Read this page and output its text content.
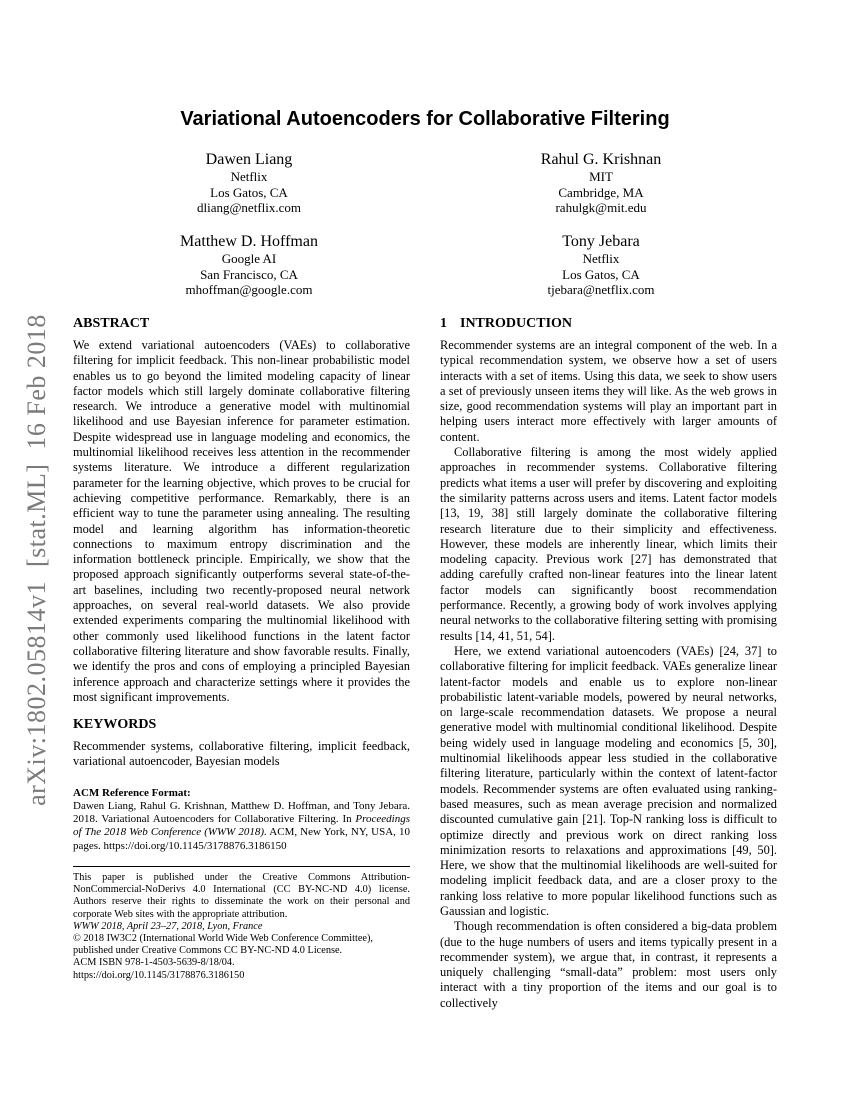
arXiv:1802.05814v1  [stat.ML]  16 Feb 2018
Variational Autoencoders for Collaborative Filtering
Dawen Liang
Netflix
Los Gatos, CA
dliang@netflix.com
Rahul G. Krishnan
MIT
Cambridge, MA
rahulgk@mit.edu
Matthew D. Hoffman
Google AI
San Francisco, CA
mhoffman@google.com
Tony Jebara
Netflix
Los Gatos, CA
tjebara@netflix.com
ABSTRACT

We extend variational autoencoders (VAEs) to collaborative filtering for implicit feedback. This non-linear probabilistic model enables us to go beyond the limited modeling capacity of linear factor models which still largely dominate collaborative filtering research. We introduce a generative model with multinomial likelihood and use Bayesian inference for parameter estimation. Despite widespread use in language modeling and economics, the multinomial likelihood receives less attention in the recommender systems literature. We introduce a different regularization parameter for the learning objective, which proves to be crucial for achieving competitive performance. Remarkably, there is an efficient way to tune the parameter using annealing. The resulting model and learning algorithm has information-theoretic connections to maximum entropy discrimination and the information bottleneck principle. Empirically, we show that the proposed approach significantly outperforms several state-of-the-art baselines, including two recently-proposed neural network approaches, on several real-world datasets. We also provide extended experiments comparing the multinomial likelihood with other commonly used likelihood functions in the latent factor collaborative filtering literature and show favorable results. Finally, we identify the pros and cons of employing a principled Bayesian inference approach and characterize settings where it provides the most significant improvements.

KEYWORDS

Recommender systems, collaborative filtering, implicit feedback, variational autoencoder, Bayesian models

ACM Reference Format:

Dawen Liang, Rahul G. Krishnan, Matthew D. Hoffman, and Tony Jebara. 2018. Variational Autoencoders for Collaborative Filtering. In Proceedings of The 2018 Web Conference (WWW 2018). ACM, New York, NY, USA, 10 pages. https://doi.org/10.1145/3178876.3186150

This paper is published under the Creative Commons Attribution-NonCommercial-NoDerivs 4.0 International (CC BY-NC-ND 4.0) license. Authors reserve their rights to disseminate the work on their personal and corporate Web sites with the appropriate attribution.
WWW 2018, April 23–27, 2018, Lyon, France
© 2018 IW3C2 (International World Wide Web Conference Committee), published under Creative Commons CC BY-NC-ND 4.0 License.
ACM ISBN 978-1-4503-5639-8/18/04.
https://doi.org/10.1145/3178876.3186150
1 INTRODUCTION

Recommender systems are an integral component of the web. In a typical recommendation system, we observe how a set of users interacts with a set of items. Using this data, we seek to show users a set of previously unseen items they will like. As the web grows in size, good recommendation systems will play an important part in helping users interact more effectively with larger amounts of content.

Collaborative filtering is among the most widely applied approaches in recommender systems. Collaborative filtering predicts what items a user will prefer by discovering and exploiting the similarity patterns across users and items. Latent factor models [13, 19, 38] still largely dominate the collaborative filtering research literature due to their simplicity and effectiveness. However, these models are inherently linear, which limits their modeling capacity. Previous work [27] has demonstrated that adding carefully crafted non-linear features into the linear latent factor models can significantly boost recommendation performance. Recently, a growing body of work involves applying neural networks to the collaborative filtering setting with promising results [14, 41, 51, 54].

Here, we extend variational autoencoders (VAEs) [24, 37] to collaborative filtering for implicit feedback. VAEs generalize linear latent-factor models and enable us to explore non-linear probabilistic latent-variable models, powered by neural networks, on large-scale recommendation datasets. We propose a neural generative model with multinomial conditional likelihood. Despite being widely used in language modeling and economics [5, 30], multinomial likelihoods appear less studied in the collaborative filtering literature, particularly within the context of latent-factor models. Recommender systems are often evaluated using ranking-based measures, such as mean average precision and normalized discounted cumulative gain [21]. Top-N ranking loss is difficult to optimize directly and previous work on direct ranking loss minimization resorts to relaxations and approximations [49, 50]. Here, we show that the multinomial likelihoods are well-suited for modeling implicit feedback data, and are a closer proxy to the ranking loss relative to more popular likelihood functions such as Gaussian and logistic.

Though recommendation is often considered a big-data problem (due to the huge numbers of users and items typically present in a recommender system), we argue that, in contrast, it represents a uniquely challenging “small-data” problem: most users only interact with a tiny proportion of the items and our goal is to collectively
